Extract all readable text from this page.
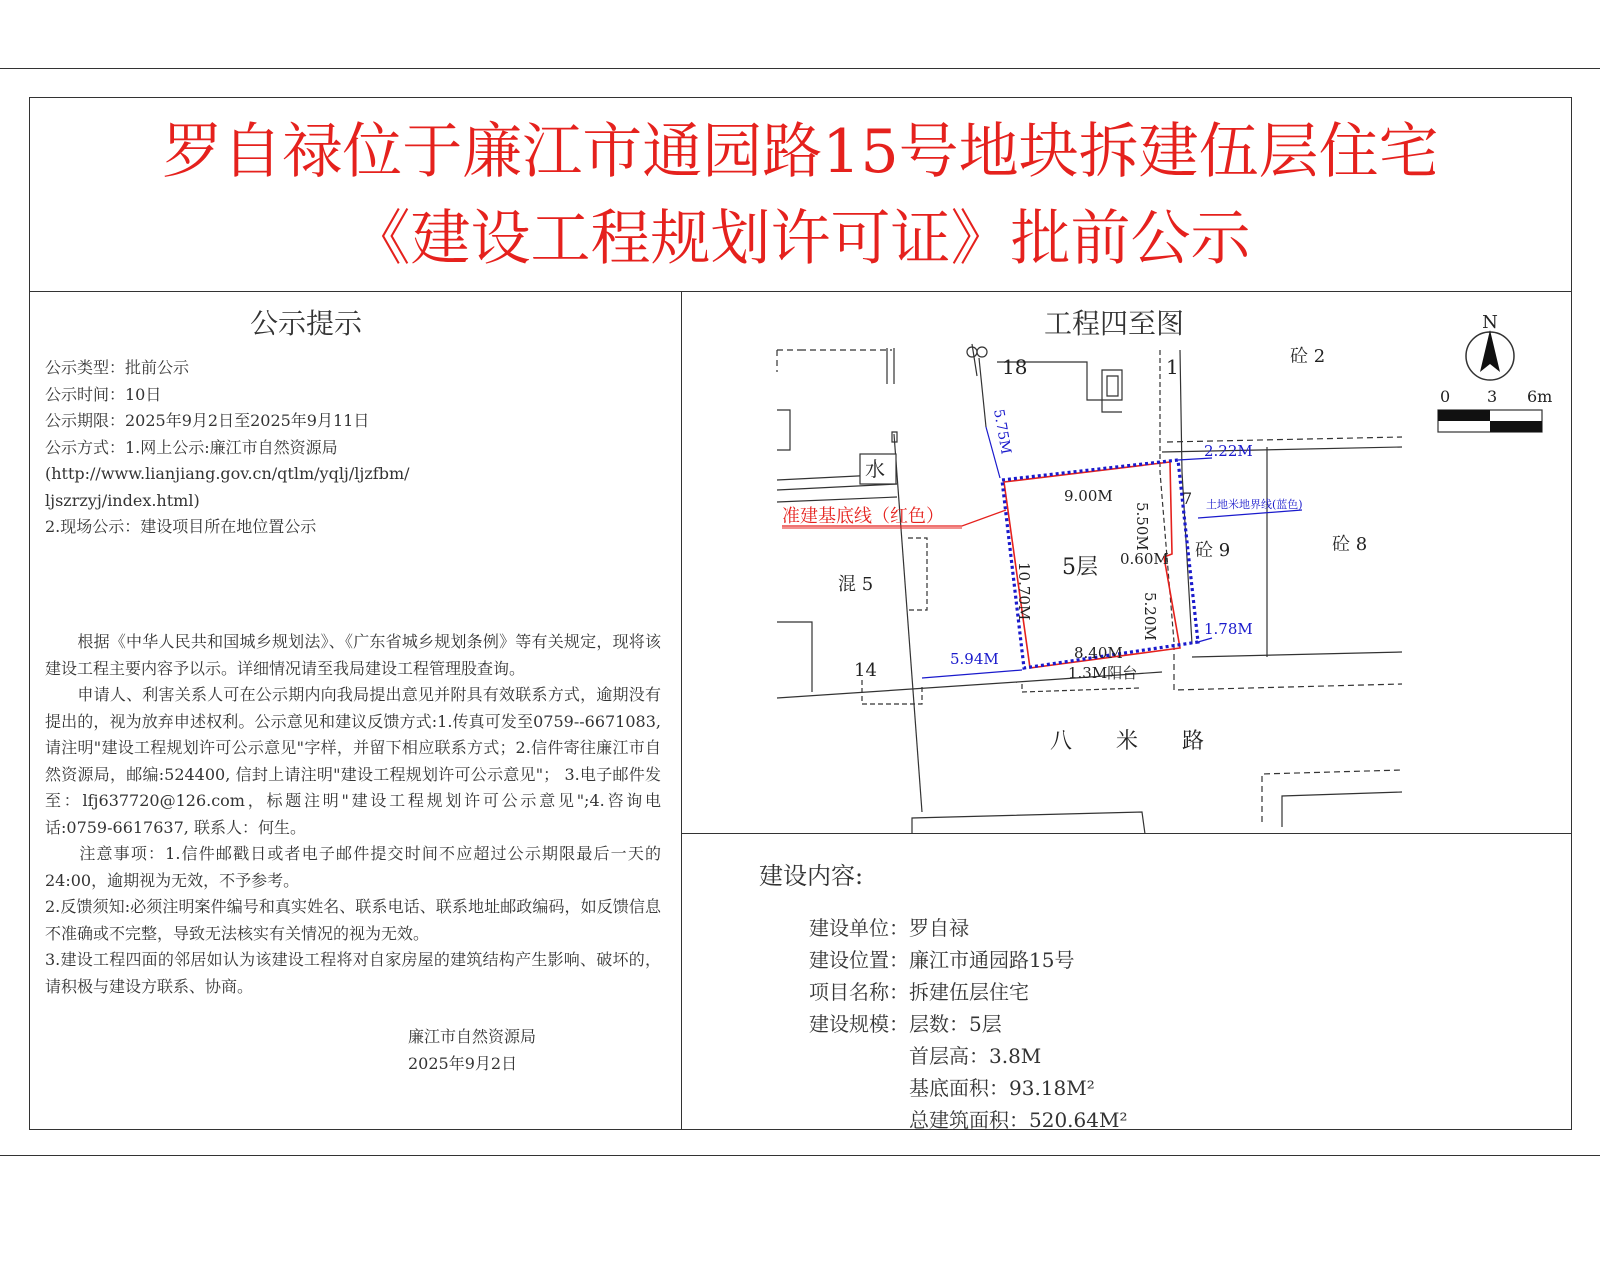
罗自禄位于廉江市通园路15号地块拆建伍层住宅
《建设工程规划许可证》批前公示
公示提示
公示类型：批前公示
公示时间：10日
公示期限：2025年9月2日至2025年9月11日
公示方式：1.网上公示:廉江市自然资源局
(http://www.lianjiang.gov.cn/qtlm/yqlj/ljzfbm/
ljszrzyj/index.html)
2.现场公示：建设项目所在地位置公示

　　根据《中华人民共和国城乡规划法》、《广东省城乡规划条例》等有关规定，现将该建设工程主要内容予以示。详细情况请至我局建设工程管理股查询。

　　申请人、利害关系人可在公示期内向我局提出意见并附具有效联系方式，逾期没有提出的，视为放弃申述权利。公示意见和建议反馈方式:1.传真可发至0759--6671083, 请注明"建设工程规划许可公示意见"字样，并留下相应联系方式；2.信件寄往廉江市自然资源局，邮编:524400, 信封上请注明"建设工程规划许可公示意见"； 3.电子邮件发至：lfj637720@126.com，标题注明"建设工程规划许可公示意见";4.咨询电话:0759-6617637, 联系人：何生。

　　注意事项：1.信件邮戳日或者电子邮件提交时间不应超过公示期限最后一天的24:00，逾期视为无效，不予参考。

2.反馈须知:必须注明案件编号和真实姓名、联系电话、联系地址邮政编码，如反馈信息不准确或不完整，导致无法核实有关情况的视为无效。

3.建设工程四面的邻居如认为该建设工程将对自家房屋的建筑结构产生影响、破坏的，请积极与建设方联系、协商。

廉江市自然资源局
2025年9月2日
工程四至图	N
0 3 6m
18	1	砼 2
砼 9	砼 8
7
水
混 5
14
5层
八　　米　　路
9.00M
0.60M
8.40M
1.3M阳台
5.50M
5.20M
10.70M
5.75M
5.94M
2.22M
1.78M
土地米地界线(蓝色)
准建基底线（红色）
建设内容:
建设单位：罗自禄
建设位置：廉江市通园路15号
项目名称：拆建伍层住宅
建设规模：层数：5层
首层高：3.8M
基底面积：93.18M²
总建筑面积：520.64M²
